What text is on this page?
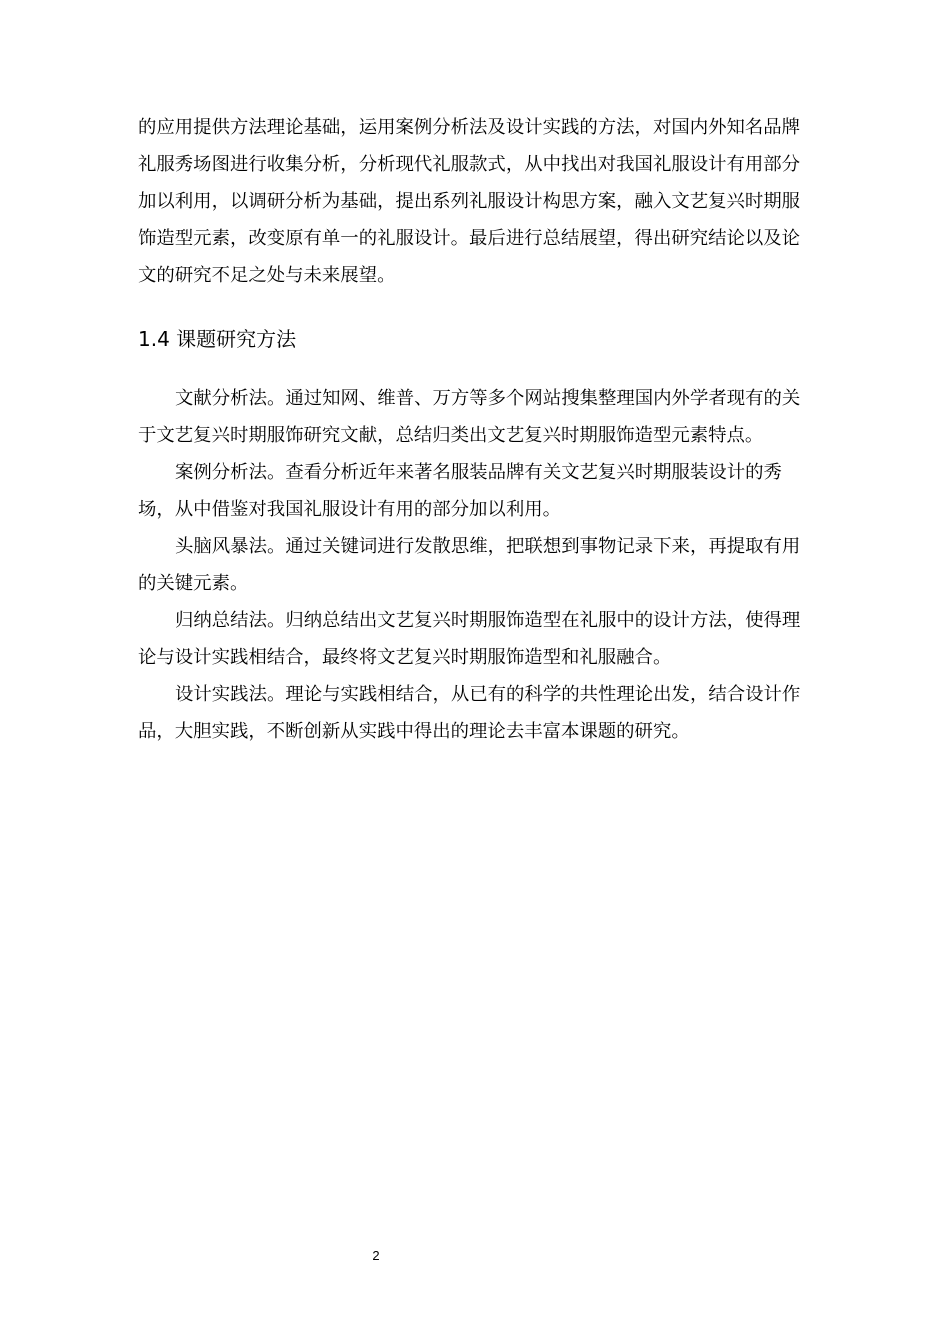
的应用提供方法理论基础，运用案例分析法及设计实践的方法，对国内外知名品牌
礼服秀场图进行收集分析，分析现代礼服款式，从中找出对我国礼服设计有用部分
加以利用，以调研分析为基础，提出系列礼服设计构思方案，融入文艺复兴时期服
饰造型元素，改变原有单一的礼服设计。最后进行总结展望，得出研究结论以及论
文的研究不足之处与未来展望。
1.4 课题研究方法
文献分析法。通过知网、维普、万方等多个网站搜集整理国内外学者现有的关
于文艺复兴时期服饰研究文献，总结归类出文艺复兴时期服饰造型元素特点。
案例分析法。查看分析近年来著名服装品牌有关文艺复兴时期服装设计的秀
场，从中借鉴对我国礼服设计有用的部分加以利用。
头脑风暴法。通过关键词进行发散思维，把联想到事物记录下来，再提取有用
的关键元素。
归纳总结法。归纳总结出文艺复兴时期服饰造型在礼服中的设计方法，使得理
论与设计实践相结合，最终将文艺复兴时期服饰造型和礼服融合。
设计实践法。理论与实践相结合，从已有的科学的共性理论出发，结合设计作
品，大胆实践，不断创新从实践中得出的理论去丰富本课题的研究。
2
